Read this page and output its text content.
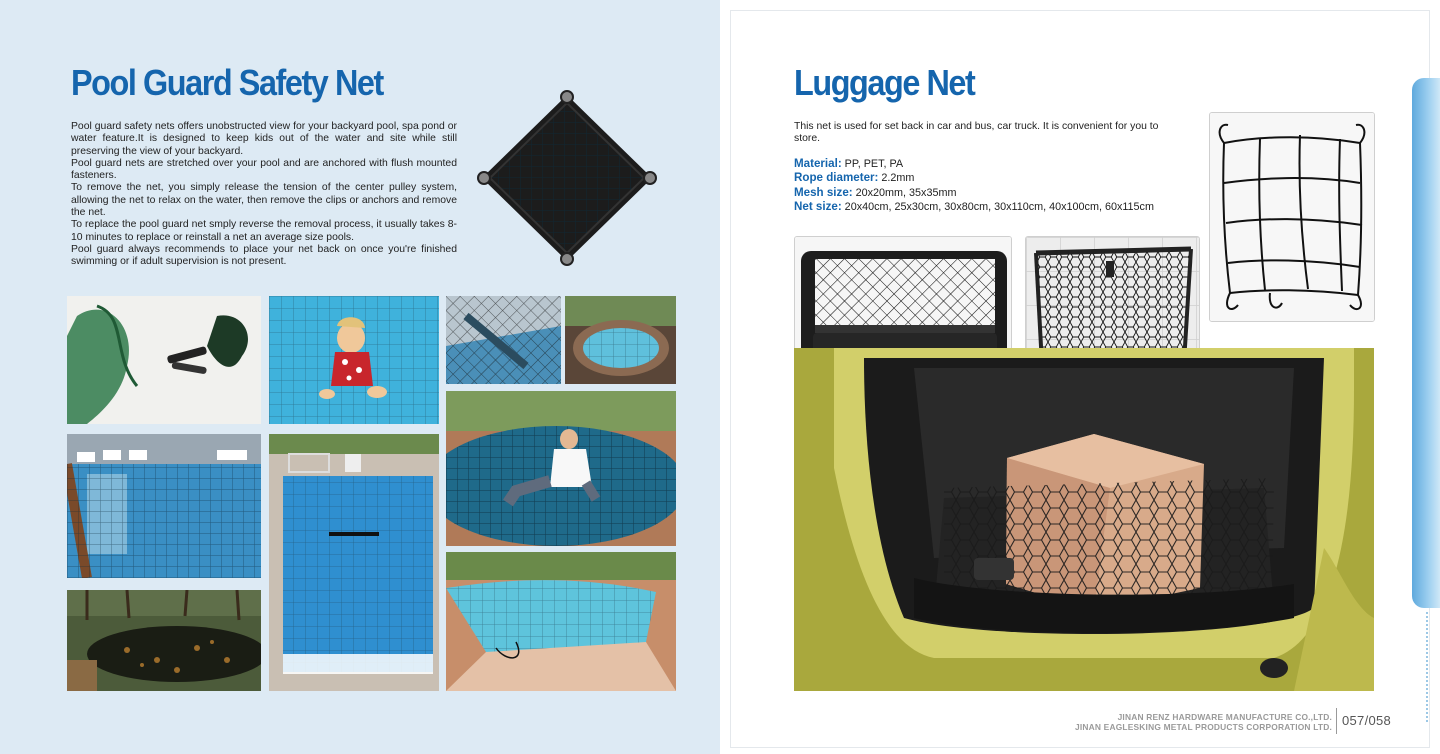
Pool Guard Safety Net

Pool guard safety nets offers unobstructed view for your backyard pool, spa pond or water feature.It is designed to keep kids out of the water and site while still preserving the view of your backyard.

Pool guard nets are stretched over your pool and are anchored with flush mounted fasteners.

To remove the net, you simply release the tension of the center pulley system, allowing the net to relax on the water, then remove the clips or anchors and remove the net.

To replace the pool guard net smply reverse the removal process, it usually takes 8-10 minutes to replace or reinstall a net an average size pools.

Pool guard always recommends to place your net back on once you're finished swimming or if adult supervision is not present.

Luggage Net
This net is used for set back in car and bus, car truck. It is convenient for you to store.
Material: PP, PET, PA
Rope diameter: 2.2mm
Mesh size: 20x20mm, 35x35mm
Net size: 20x40cm, 25x30cm, 30x80cm, 30x110cm, 40x100cm, 60x115cm
JINAN RENZ HARDWARE MANUFACTURE CO.,LTD.
JINAN EAGLESKING METAL PRODUCTS CORPORATION LTD. 057/058
